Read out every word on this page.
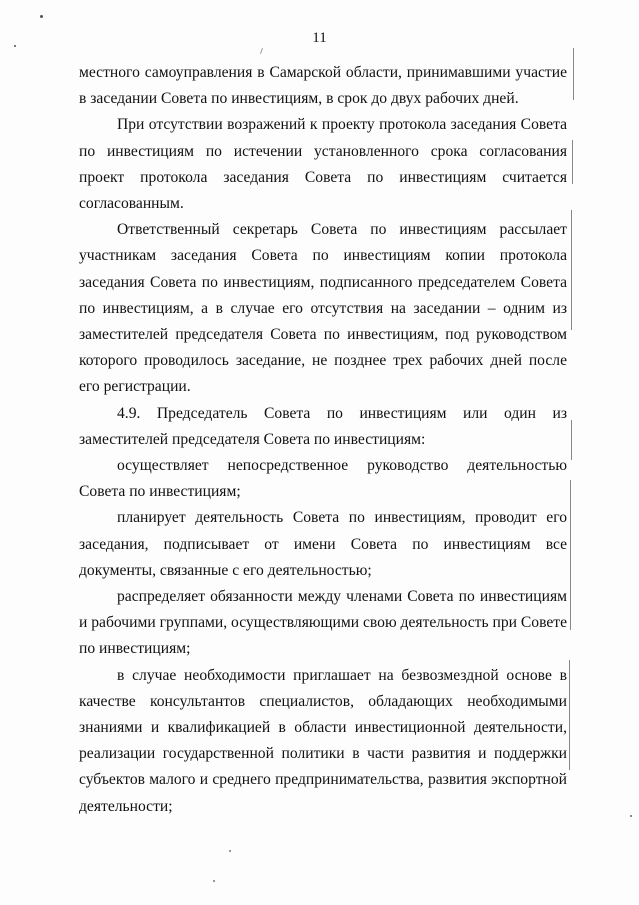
11

местного самоуправления в Самарской области, принимавшими участие в заседании Совета по инвестициям, в срок до двух рабочих дней.

При отсутствии возражений к проекту протокола заседания Совета по инвестициям по истечении установленного срока согласования проект протокола заседания Совета по инвестициям считается согласованным.

Ответственный секретарь Совета по инвестициям рассылает участникам заседания Совета по инвестициям копии протокола заседания Совета по инвестициям, подписанного председателем Совета по инвестициям, а в случае его отсутствия на заседании – одним из заместителей председателя Совета по инвестициям, под руководством которого проводилось заседание, не позднее трех рабочих дней после его регистрации.

4.9. Председатель Совета по инвестициям или один из заместителей председателя Совета по инвестициям:

осуществляет непосредственное руководство деятельностью Совета по инвестициям;

планирует деятельность Совета по инвестициям, проводит его заседания, подписывает от имени Совета по инвестициям все документы, связанные с его деятельностью;

распределяет обязанности между членами Совета по инвестициям и рабочими группами, осуществляющими свою деятельность при Совете по инвестициям;

в случае необходимости приглашает на безвозмездной основе в качестве консультантов специалистов, обладающих необходимыми знаниями и квалификацией в области инвестиционной деятельности, реализации государственной политики в части развития и поддержки субъектов малого и среднего предпринимательства, развития экспортной деятельности;
